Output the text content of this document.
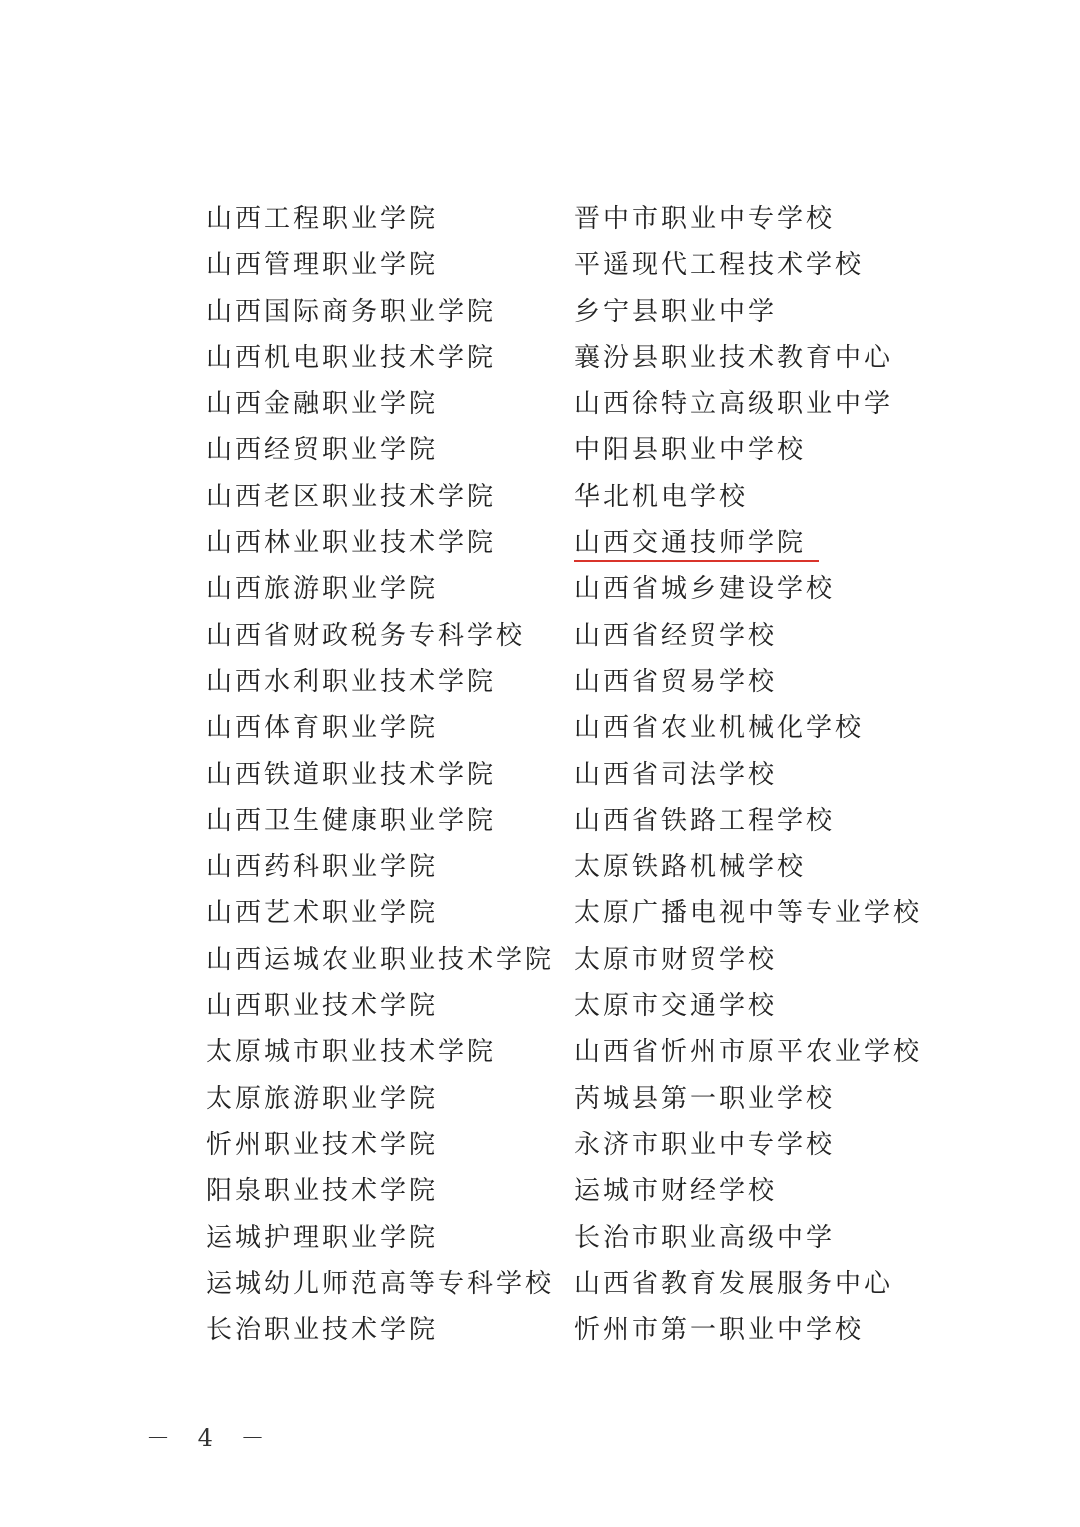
山西工程职业学院
山西管理职业学院
山西国际商务职业学院
山西机电职业技术学院
山西金融职业学院
山西经贸职业学院
山西老区职业技术学院
山西林业职业技术学院
山西旅游职业学院
山西省财政税务专科学校
山西水利职业技术学院
山西体育职业学院
山西铁道职业技术学院
山西卫生健康职业学院
山西药科职业学院
山西艺术职业学院
山西运城农业职业技术学院
山西职业技术学院
太原城市职业技术学院
太原旅游职业学院
忻州职业技术学院
阳泉职业技术学院
运城护理职业学院
运城幼儿师范高等专科学校
长治职业技术学院
晋中市职业中专学校
平遥现代工程技术学校
乡宁县职业中学
襄汾县职业技术教育中心
山西徐特立高级职业中学
中阳县职业中学校
华北机电学校
山西交通技师学院
山西省城乡建设学校
山西省经贸学校
山西省贸易学校
山西省农业机械化学校
山西省司法学校
山西省铁路工程学校
太原铁路机械学校
太原广播电视中等专业学校
太原市财贸学校
太原市交通学校
山西省忻州市原平农业学校
芮城县第一职业学校
永济市职业中专学校
运城市财经学校
长治市职业高级中学
山西省教育发展服务中心
忻州市第一职业中学校
－ 4 －
